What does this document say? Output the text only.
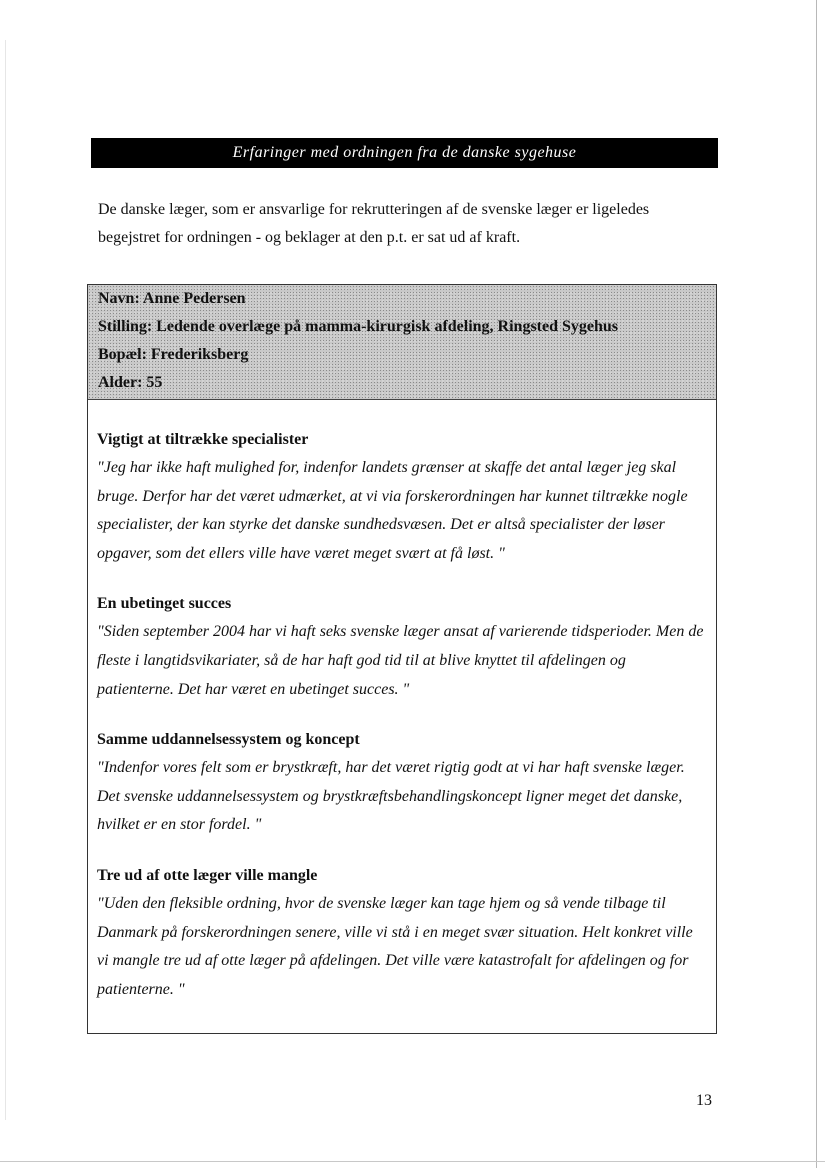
Erfaringer med ordningen fra de danske sygehuse

De danske læger, som er ansvarlige for rekrutteringen af de svenske læger er ligeledes begejstret for ordningen - og beklager at den p.t. er sat ud af kraft.

Navn: Anne Pedersen
Stilling: Ledende overlæge på mamma-kirurgisk afdeling, Ringsted Sygehus
Bopæl: Frederiksberg
Alder: 55
Vigtigt at tiltrække specialister

"Jeg har ikke haft mulighed for, indenfor landets grænser at skaffe det antal læger jeg skal bruge. Derfor har det været udmærket, at vi via forskerordningen har kunnet tiltrække nogle specialister, der kan styrke det danske sundhedsvæsen. Det er altså specialister der løser opgaver, som det ellers ville have været meget svært at få løst. "

En ubetinget succes

"Siden september 2004 har vi haft seks svenske læger ansat af varierende tidsperioder. Men de fleste i langtidsvikariater, så de har haft god tid til at blive knyttet til afdelingen og patienterne. Det har været en ubetinget succes. "

Samme uddannelsessystem og koncept

"Indenfor vores felt som er brystkræft, har det været rigtig godt at vi har haft svenske læger. Det svenske uddannelsessystem og brystkræftsbehandlingskoncept ligner meget det danske, hvilket er en stor fordel. "

Tre ud af otte læger ville mangle

"Uden den fleksible ordning, hvor de svenske læger kan tage hjem og så vende tilbage til Danmark på forskerordningen senere, ville vi stå i en meget svær situation. Helt konkret ville vi mangle tre ud af otte læger på afdelingen. Det ville være katastrofalt for afdelingen og for patienterne. "

13
